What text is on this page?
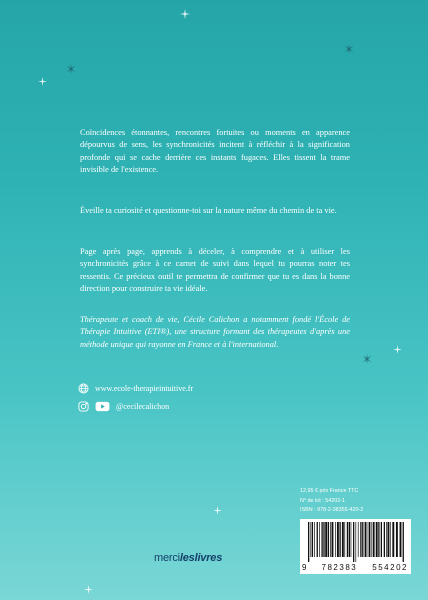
Coïncidences étonnantes, rencontres fortuites ou moments en apparence dépourvus de sens, les synchronicités incitent à réfléchir à la signification profonde qui se cache derrière ces instants fugaces. Elles tissent la trame invisible de l'existence.

Éveille ta curiosité et questionne-toi sur la nature même du chemin de ta vie.

Page après page, apprends à déceler, à comprendre et à utiliser les synchronicités grâce à ce carnet de suivi dans lequel tu pourras noter tes ressentis. Ce précieux outil te permettra de confirmer que tu es dans la bonne direction pour construire ta vie idéale.

Thérapeute et coach de vie, Cécile Calichon a notamment fondé l'École de Thérapie Intuitive (ETI®), une structure formant des thérapeutes d'après une méthode unique qui rayonne en France et à l'international.

www.ecole-therapieintuitive.fr
@cecilecalichon
12,95 € prix France TTC
N° de lot : 54202-1
ISBN : 978-2-38355-420-2
9 782383 554202
mercileslivres
